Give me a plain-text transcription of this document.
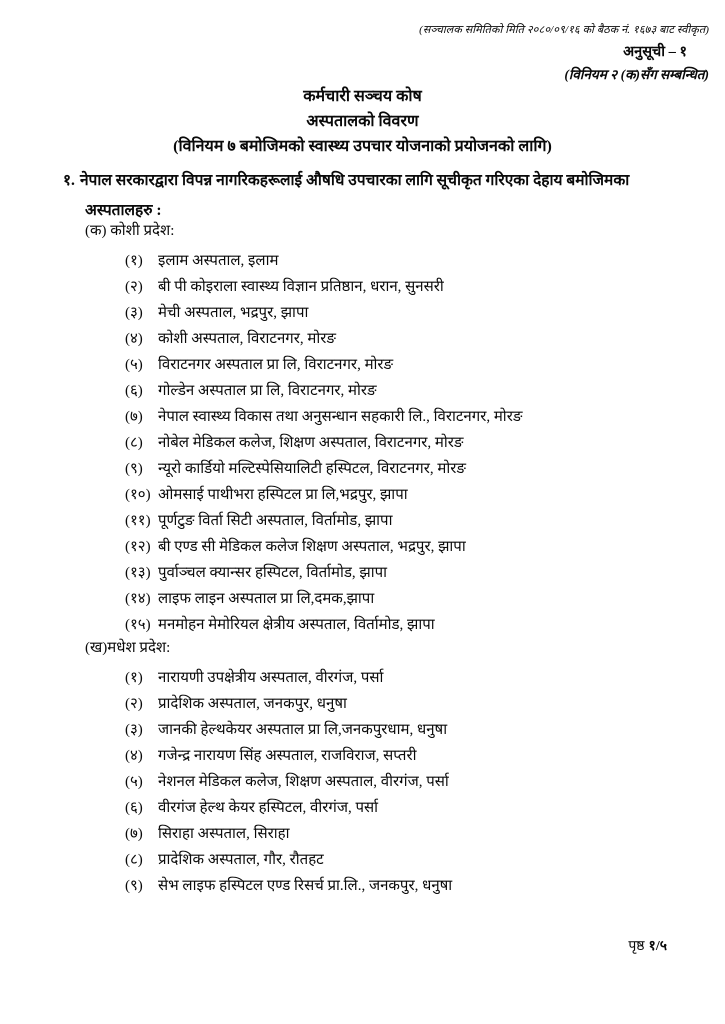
(सञ्चालक समितिको मिति २०८०/०९/१६ को बैठक नं. १६७३ बाट स्वीकृत)
अनुसूची – १
(विनियम २ (क)सँग सम्बन्धित)
कर्मचारी सञ्चय कोष
अस्पतालको विवरण
(विनियम ७ बमोजिमको स्वास्थ्य उपचार योजनाको प्रयोजनको लागि)
१. नेपाल सरकारद्वारा विपन्न नागरिकहरूलाई औषधि उपचारका लागि सूचीकृत गरिएका देहाय बमोजिमका
अस्पतालहरु :
(क) कोशी प्रदेश:
(१)	इलाम अस्पताल, इलाम
(२)	बी पी कोइराला स्वास्थ्य विज्ञान प्रतिष्ठान, धरान, सुनसरी
(३)	मेची अस्पताल, भद्रपुर, झापा
(४)	कोशी अस्पताल, विराटनगर, मोरङ
(५)	विराटनगर अस्पताल प्रा लि, विराटनगर, मोरङ
(६)	गोल्डेन अस्पताल प्रा लि, विराटनगर, मोरङ
(७)	नेपाल स्वास्थ्य विकास तथा अनुसन्धान सहकारी लि., विराटनगर, मोरङ
(८)	नोबेल मेडिकल कलेज, शिक्षण अस्पताल, विराटनगर, मोरङ
(९)	न्यूरो कार्डियो मल्टिस्पेसियालिटी हस्पिटल, विराटनगर, मोरङ
(१०) ओमसाई पाथीभरा हस्पिटल प्रा लि,भद्रपुर, झापा
(११) पूर्णटुङ विर्ता सिटी अस्पताल, विर्तामोड, झापा
(१२) बी एण्ड सी मेडिकल कलेज शिक्षण अस्पताल, भद्रपुर, झापा
(१३) पुर्वाञ्चल क्यान्सर हस्पिटल, विर्तामोड, झापा
(१४) लाइफ लाइन अस्पताल प्रा लि,दमक,झापा
(१५) मनमोहन मेमोरियल क्षेत्रीय अस्पताल, विर्तामोड, झापा
(ख)मधेश प्रदेश:
(१)	नारायणी उपक्षेत्रीय अस्पताल, वीरगंज, पर्सा
(२)	प्रादेशिक अस्पताल, जनकपुर, धनुषा
(३)	जानकी हेल्थकेयर अस्पताल प्रा लि,जनकपुरधाम, धनुषा
(४)	गजेन्द्र नारायण सिंह अस्पताल, राजविराज, सप्तरी
(५)	नेशनल मेडिकल कलेज, शिक्षण अस्पताल, वीरगंज, पर्सा
(६)	वीरगंज हेल्थ केयर हस्पिटल, वीरगंज, पर्सा
(७)	सिराहा अस्पताल, सिराहा
(८)	प्रादेशिक अस्पताल, गौर, रौतहट
(९)	सेभ लाइफ हस्पिटल एण्ड रिसर्च प्रा.लि., जनकपुर, धनुषा
पृष्ठ १/५
